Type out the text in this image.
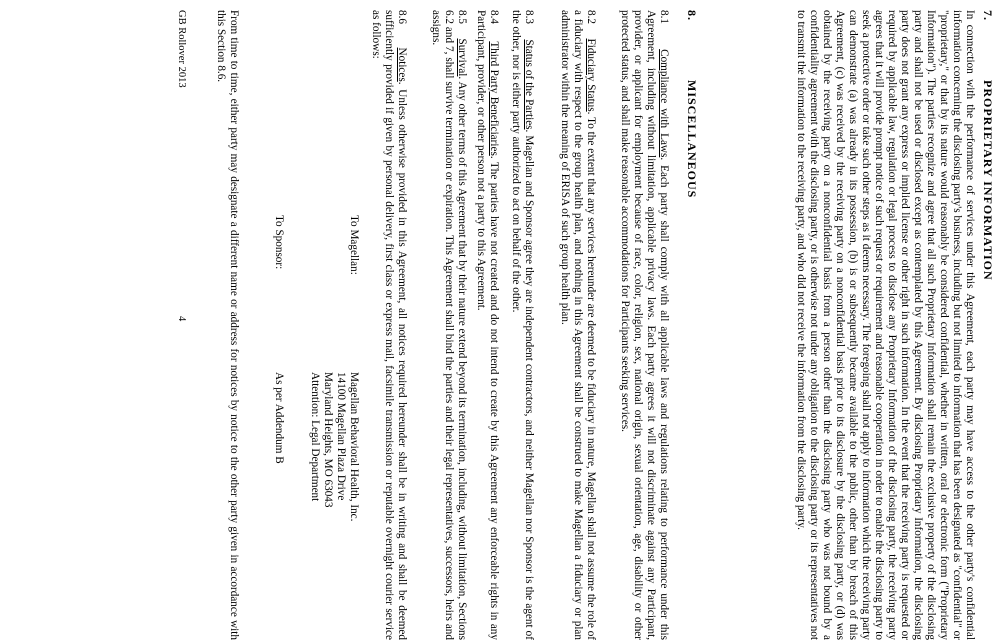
7.
PROPRIETARY INFORMATION
In connection with the performance of services under this Agreement, each party may have access to the other party's confidential information concerning the disclosing party's business, including but not limited to information that has been designated as "confidential" or "proprietary," or that by its nature would reasonably be considered confidential, whether in written, oral or electronic form ("Proprietary Information"). The parties recognize and agree that all such Proprietary Information shall remain the exclusive property of the disclosing party and shall not be used or disclosed except as contemplated by this Agreement. By disclosing Proprietary Information, the disclosing party does not grant any express or implied license or other right in such information. In the event that the receiving party is requested or required by applicable law, regulation or legal process to disclose any Proprietary Information of the disclosing party, the receiving party agrees that it will provide prompt notice of such request or requirement and reasonable cooperation in order to enable the disclosing party to seek a protective order or take such other steps as it deems necessary. The foregoing shall not apply to information which the receiving party can demonstrate (a) was already in its possession, (b) is or subsequently became available to the public, other than by breach of this Agreement, (c) was received by the receiving party on a nonconfidential basis prior to its disclosure by the disclosing party, or (d) was obtained by the receiving party on a nonconfidential basis from a person other than the disclosing party who was not bound by a confidentiality agreement with the disclosing party, or is otherwise not under any obligation to the disclosing party or its representatives not to transmit the information to the receiving party, and who did not receive the information from the disclosing party.
8.
MISCELLANEOUS
8.1     Compliance with Laws. Each party shall comply with all applicable laws and regulations relating to performance under this Agreement, including without limitation, applicable privacy laws. Each party agrees it will not discriminate against any Participant, provider, or applicant for employment because of race, color, religion, sex, national origin, sexual orientation, age, disability or other protected status, and shall make reasonable accommodations for Participants seeking services.
8.2     Fiduciary Status. To the extent that any services hereunder are deemed to be fiduciary in nature, Magellan shall not assume the role of a fiduciary with respect to the group health plan, and nothing in this Agreement shall be construed to make Magellan a fiduciary or plan administrator within the meaning of ERISA of such group health plan.
8.3     Status of the Parties. Magellan and Sponsor agree they are independent contractors, and neither Magellan nor Sponsor is the agent of the other, nor is either party authorized to act on behalf of the other.
8.4     Third Party Beneficiaries. The parties have not created and do not intend to create by this Agreement any enforceable rights in any Participant, provider, or other person not a party to this Agreement.
8.5     Survival. Any other terms of this Agreement that by their nature extend beyond its termination, including, without limitation, Sections 6.2 and 7, shall survive termination or expiration. This Agreement shall bind the parties and their legal representatives, successors, heirs and assigns.
8.6     Notices. Unless otherwise provided in this Agreement, all notices required hereunder shall be in writing and shall be deemed sufficiently provided if given by personal delivery, first class or express mail, facsimile transmission or reputable overnight courier service as follows:
To Magellan:
Magellan Behavioral Health, Inc.
14100 Magellan Plaza Drive
Maryland Heights, MO 63043
Attention: Legal Department
To Sponsor:
As per Addendum B
From time to time, either party may designate a different name or address for notices by notice to the other party given in accordance with this Section 8.6.
GB Rollover 2013
4
